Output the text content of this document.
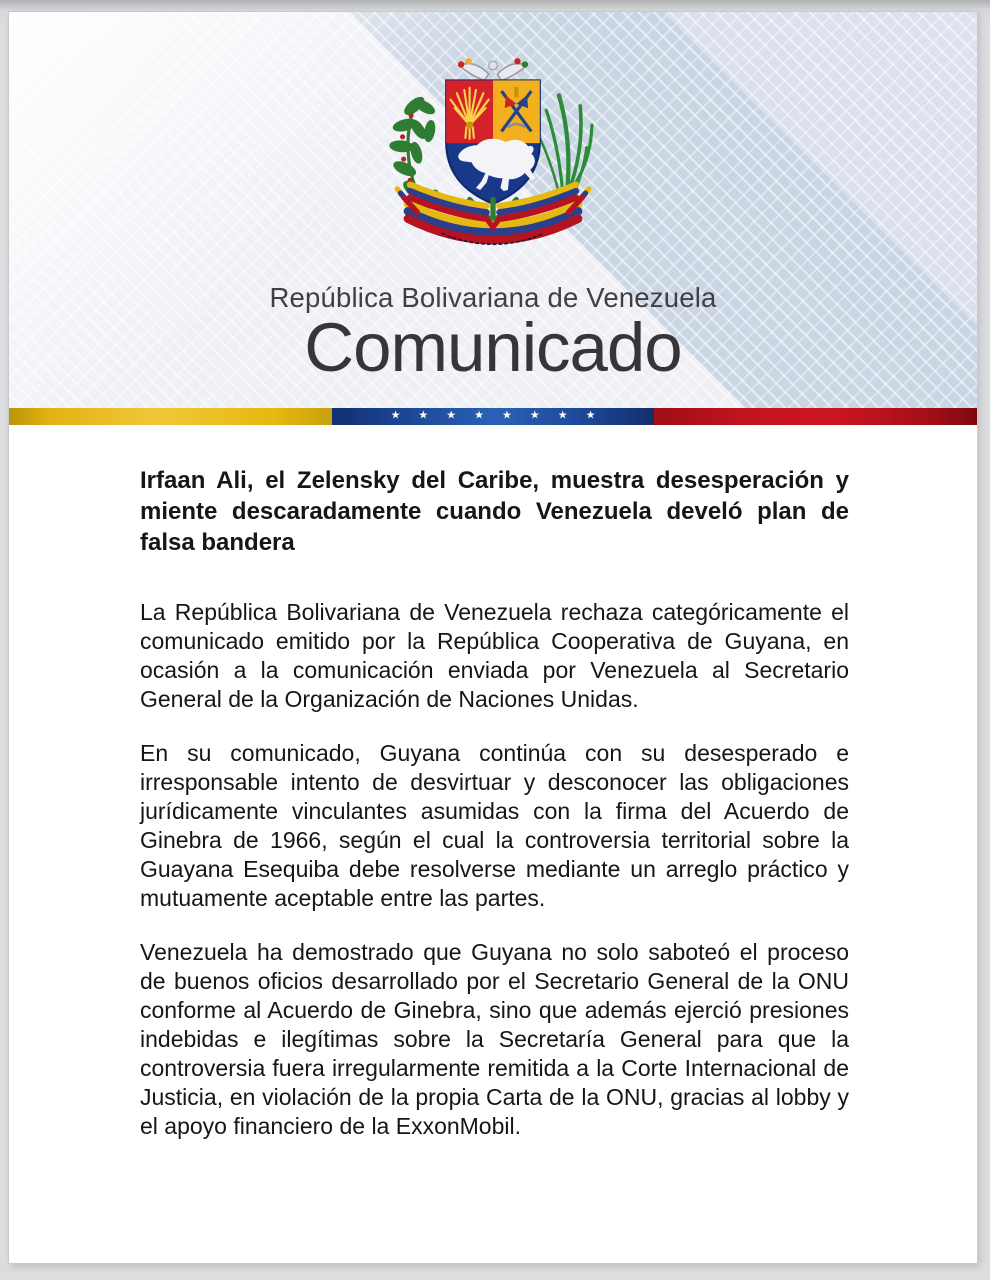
República Bolivariana de Venezuela
Comunicado
★★★★★★★★
Irfaan Ali, el Zelensky del Caribe, muestra desesperación y miente descaradamente cuando Venezuela develó plan de falsa bandera

La República Bolivariana de Venezuela rechaza categóricamente el comunicado emitido por la República Cooperativa de Guyana, en ocasión a la comunicación enviada por Venezuela al Secretario General de la Organización de Naciones Unidas.

En su comunicado, Guyana continúa con su desesperado e irresponsable intento de desvirtuar y desconocer las obligaciones jurídicamente vinculantes asumidas con la firma del Acuerdo de Ginebra de 1966, según el cual la controversia territorial sobre la Guayana Esequiba debe resolverse mediante un arreglo práctico y mutuamente aceptable entre las partes.

Venezuela ha demostrado que Guyana no solo saboteó el proceso de buenos oficios desarrollado por el Secretario General de la ONU conforme al Acuerdo de Ginebra, sino que además ejerció presiones indebidas e ilegítimas sobre la Secretaría General para que la controversia fuera irregularmente remitida a la Corte Internacional de Justicia, en violación de la propia Carta de la ONU, gracias al lobby y el apoyo financiero de la ExxonMobil.
